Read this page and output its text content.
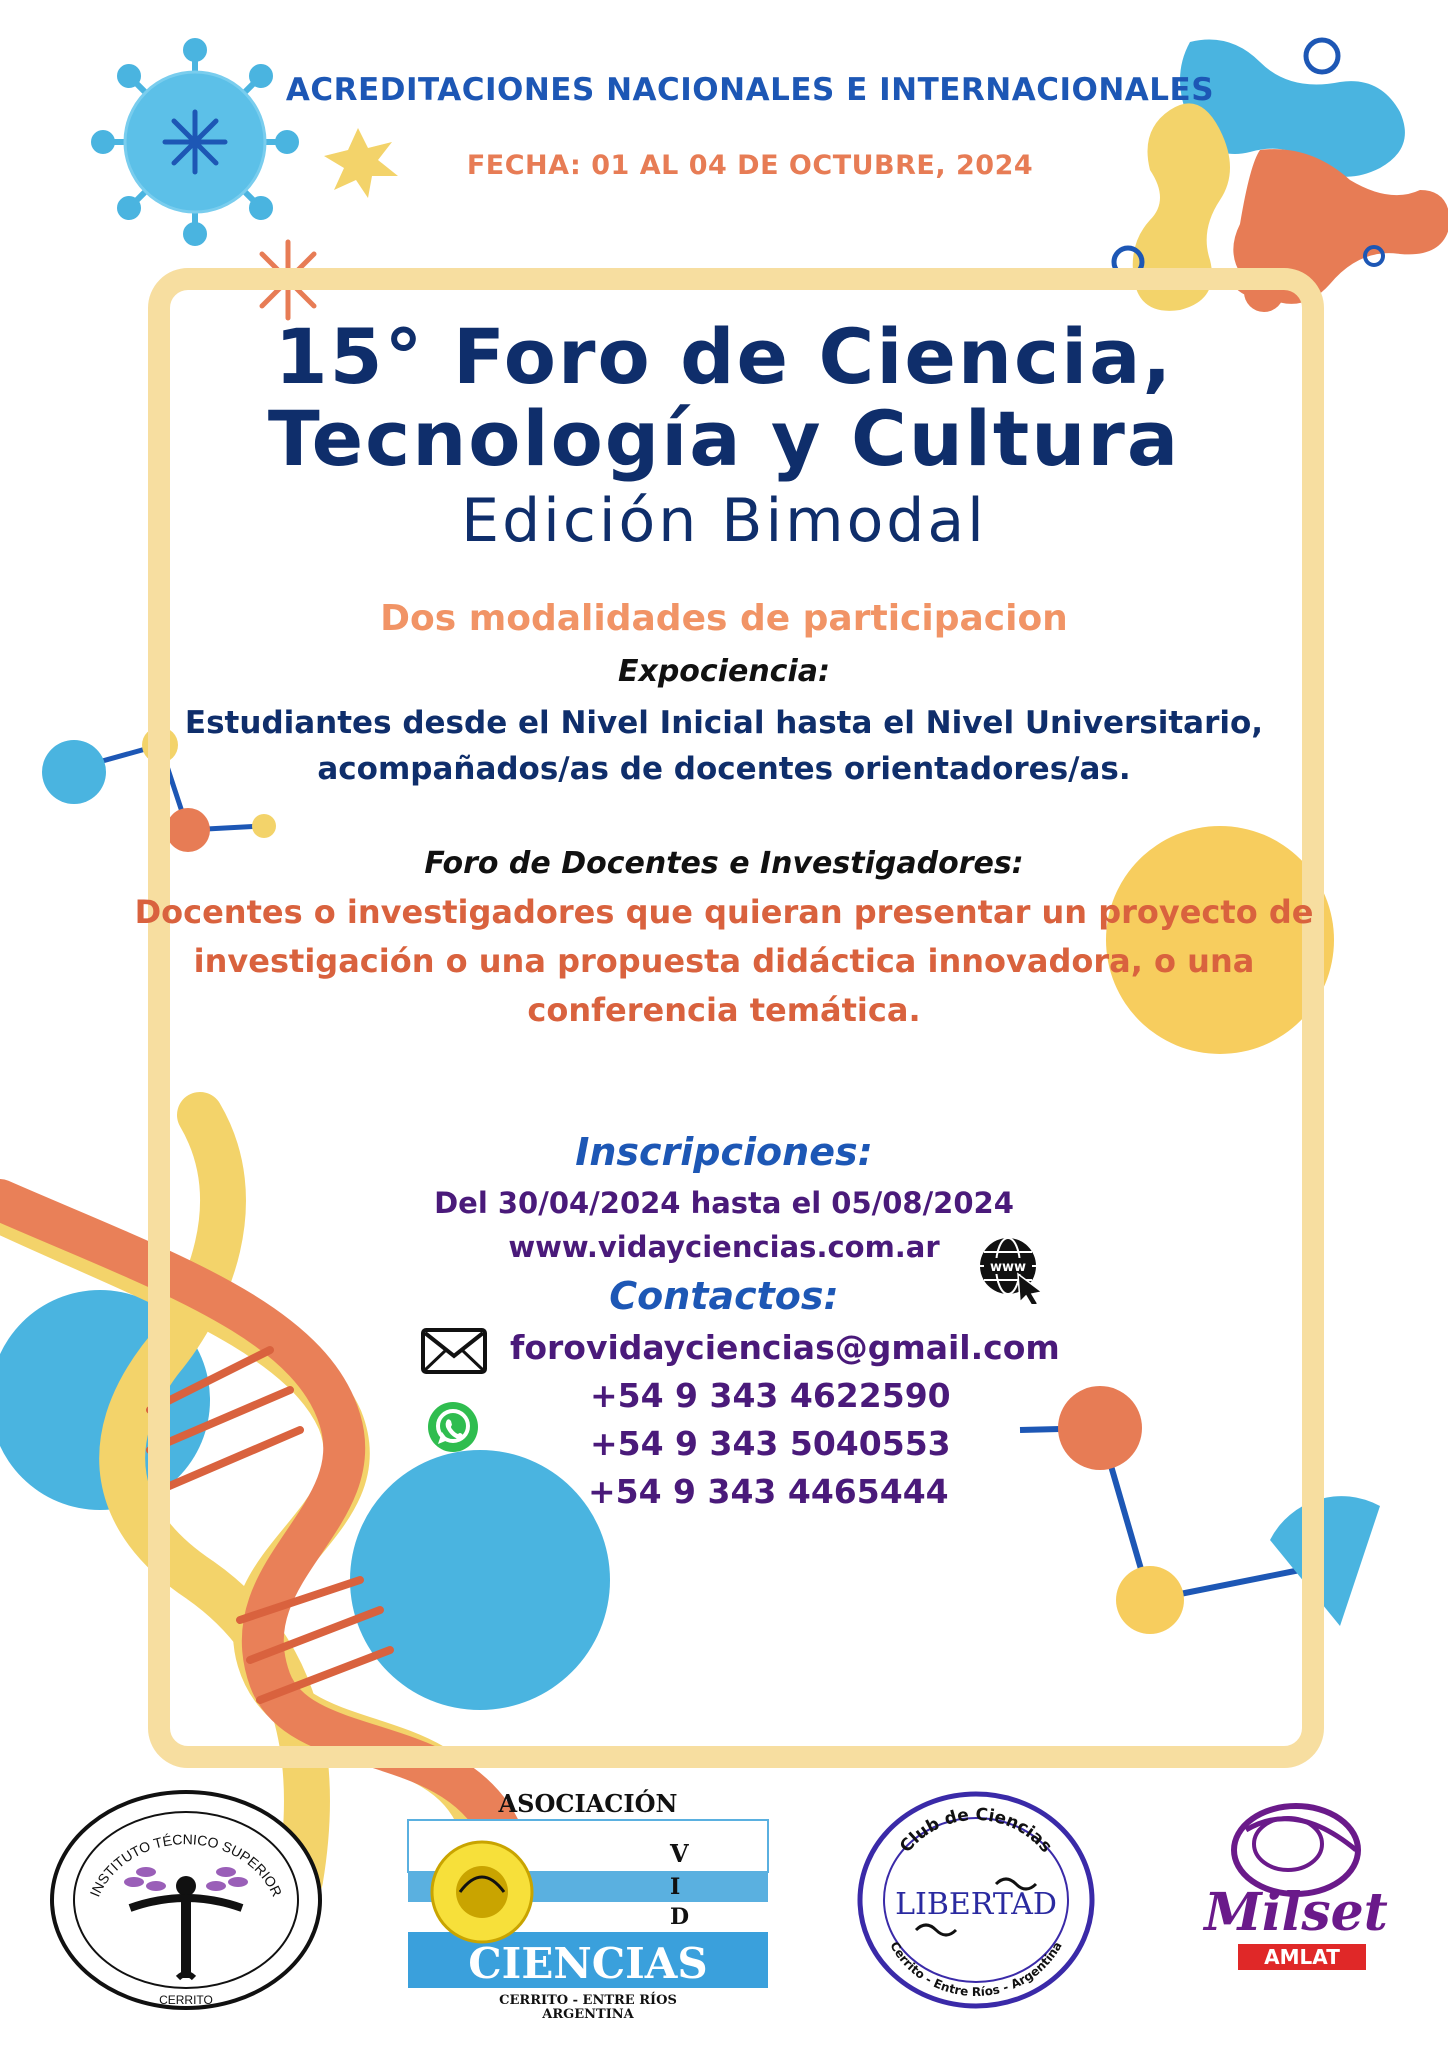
ACREDITACIONES NACIONALES E INTERNACIONALES
FECHA: 01 AL 04 DE OCTUBRE, 2024
15° Foro de Ciencia,
Tecnología y Cultura
Edición Bimodal
Dos modalidades de participacion
Expociencia:
Estudiantes desde el Nivel Inicial hasta el Nivel Universitario,
acompañados/as de docentes orientadores/as.
Foro de Docentes e Investigadores:
Docentes o investigadores que quieran presentar un proyecto de
investigación o una propuesta didáctica innovadora, o una
conferencia temática.
Inscripciones:
Del 30/04/2024 hasta el 05/08/2024
www.vidayciencias.com.ar
www
Contactos:
forovidayciencias@gmail.com
+54 9 343 4622590
+54 9 343 5040553
+54 9 343 4465444
INSTITUTO TÉCNICO SUPERIOR
CERRITO
ASOCIACIÓN
V
I
D
CIENCIAS
CERRITO - ENTRE RÍOS
ARGENTINA
Club de Ciencias
Cerrito - Entre Ríos - Argentina
LIBERTAD	Milset
AMLAT
